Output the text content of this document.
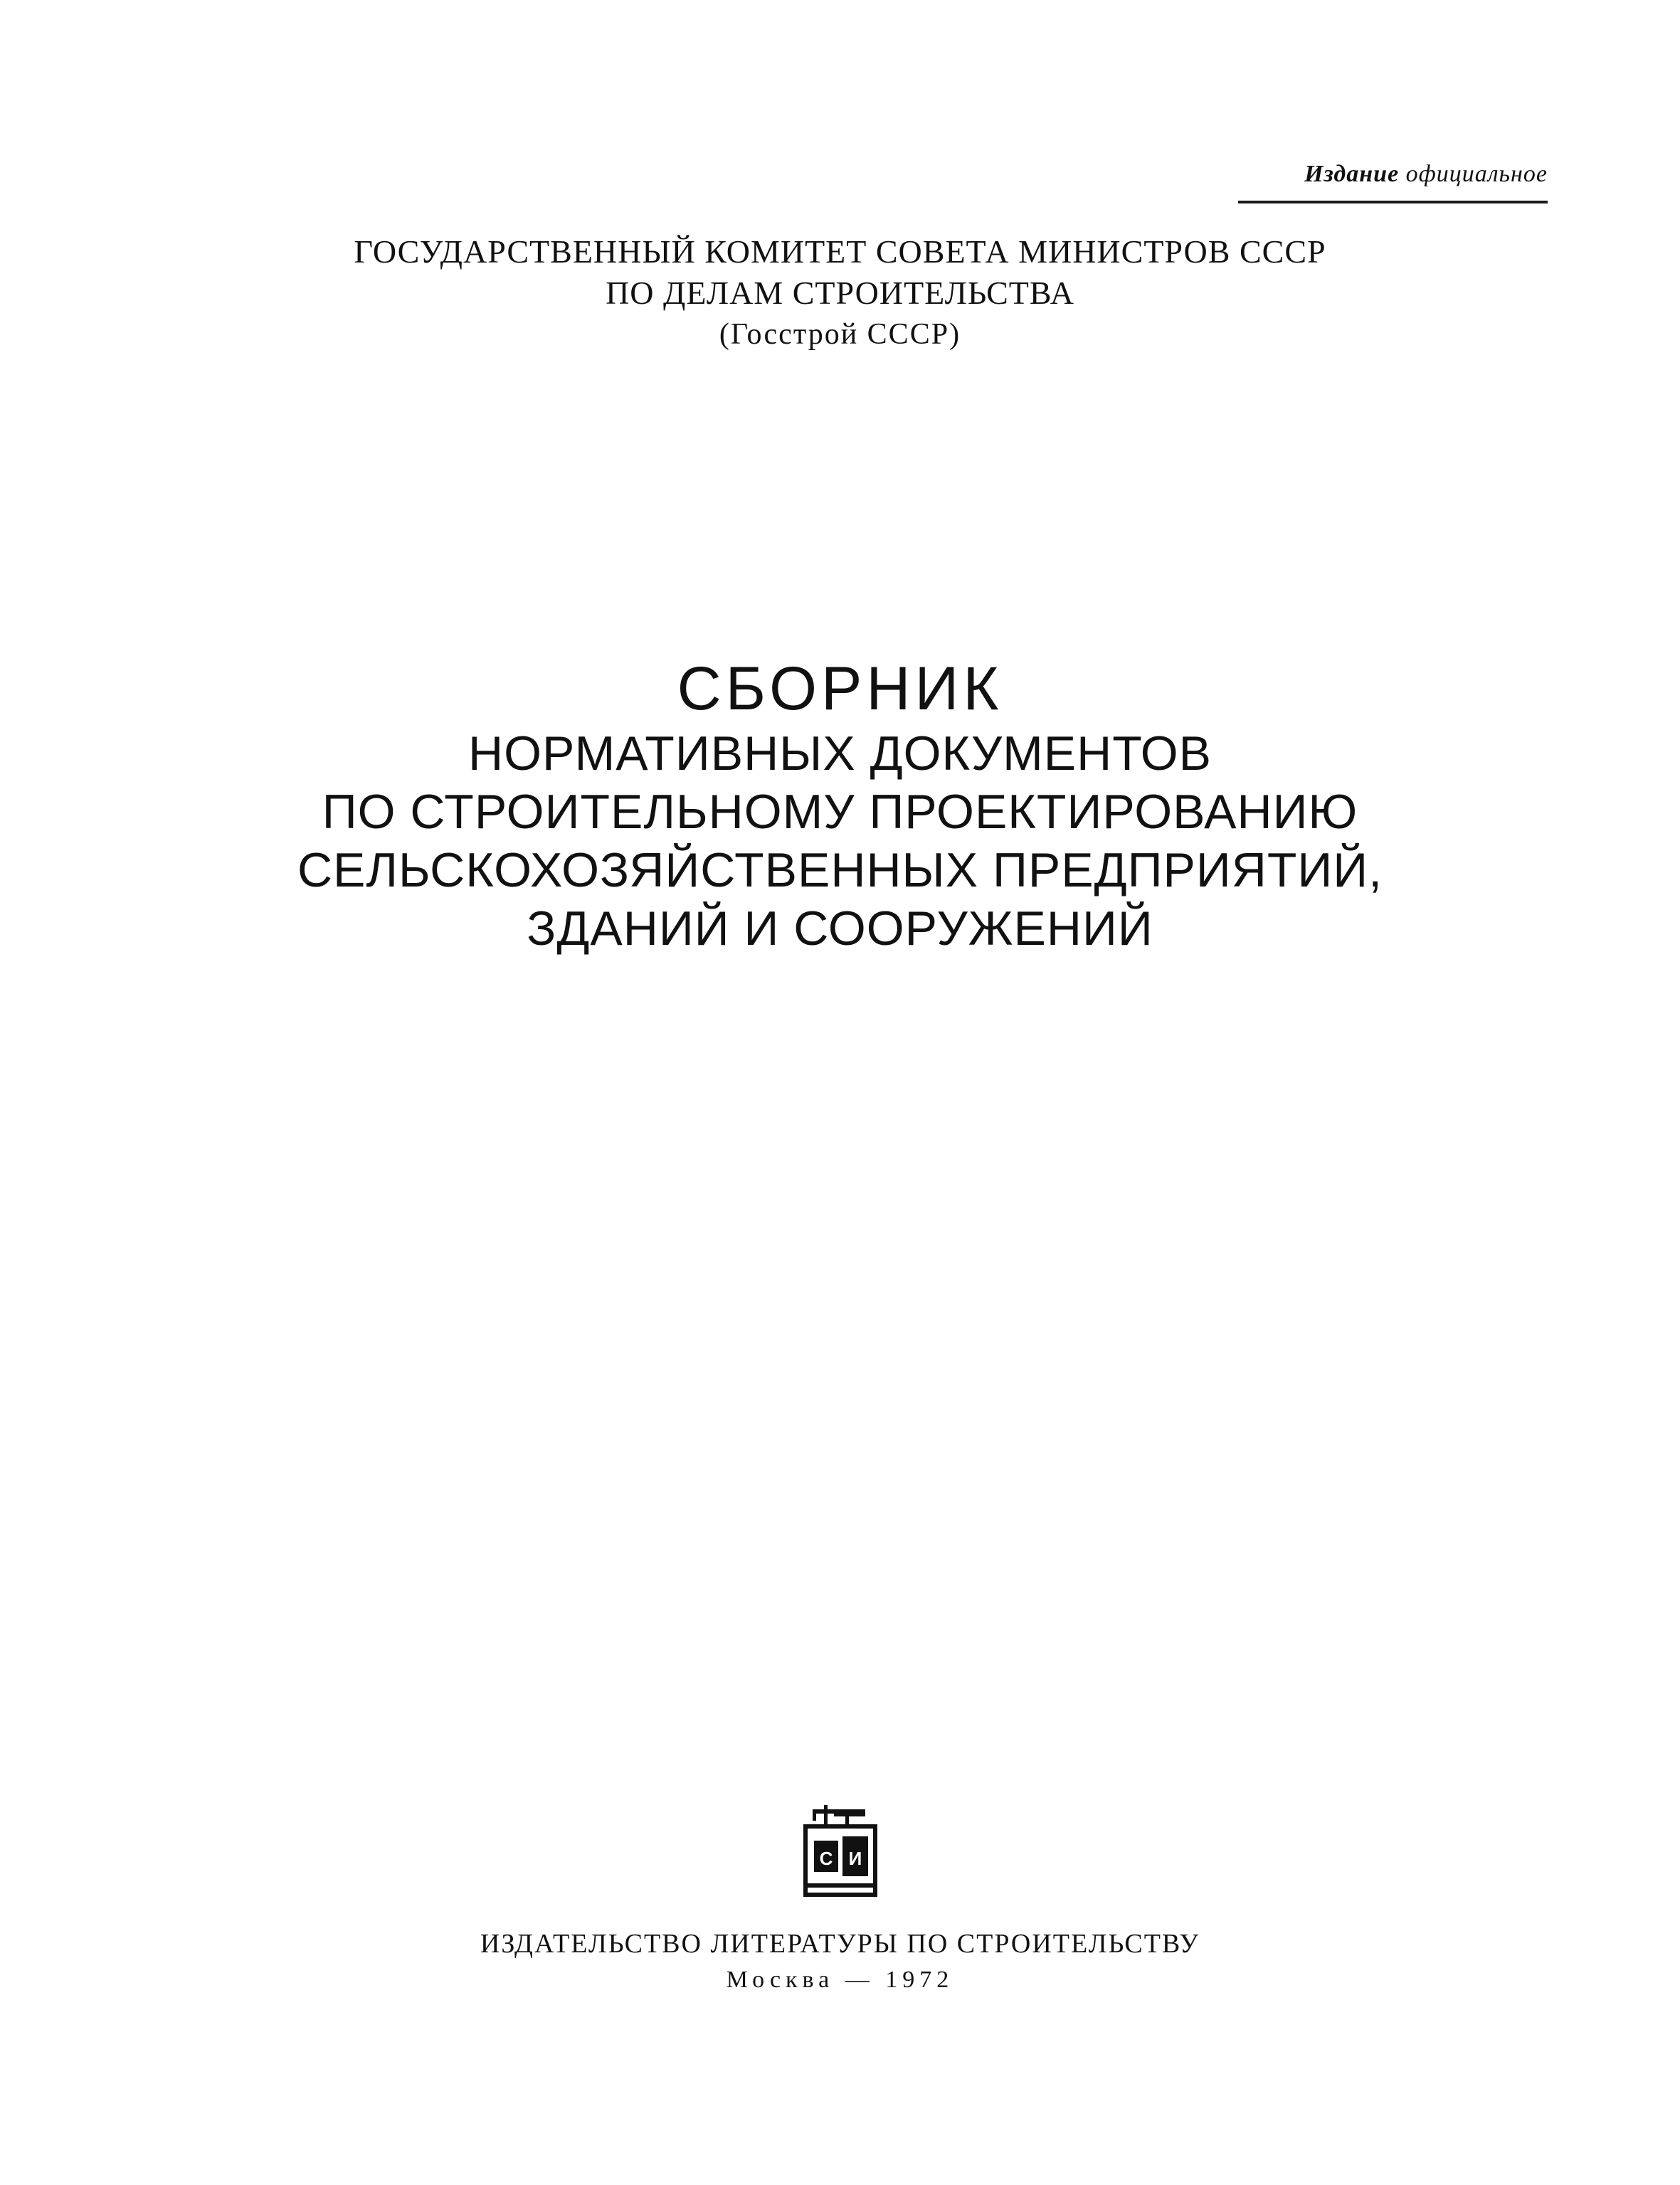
Издание официальное
ГОСУДАРСТВЕННЫЙ КОМИТЕТ СОВЕТА МИНИСТРОВ СССР
ПО ДЕЛАМ СТРОИТЕЛЬСТВА
(Госстрой СССР)
СБОРНИК
НОРМАТИВНЫХ ДОКУМЕНТОВ
ПО СТРОИТЕЛЬНОМУ ПРОЕКТИРОВАНИЮ
СЕЛЬСКОХОЗЯЙСТВЕННЫХ ПРЕДПРИЯТИЙ,
ЗДАНИЙ И СООРУЖЕНИЙ
С И
ИЗДАТЕЛЬСТВО ЛИТЕРАТУРЫ ПО СТРОИТЕЛЬСТВУ
Москва — 1972
